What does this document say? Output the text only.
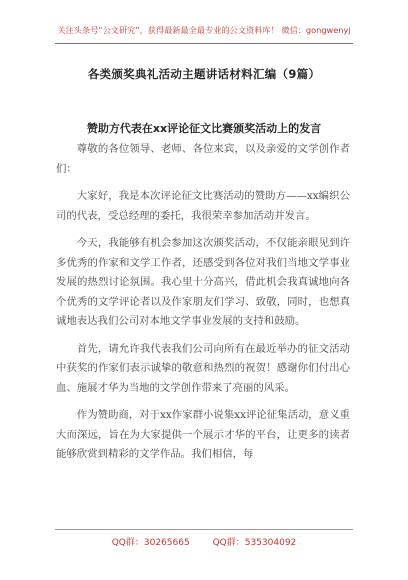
关注头条号“公文研究”，获得最新最全最专业的公文资料库！ 微信：gongwenyj
各类颁奖典礼活动主题讲话材料汇编（9篇）
赞助方代表在xx评论征文比赛颁奖活动上的发言

尊敬的各位领导、老师、各位来宾，以及亲爱的文学创作者们：

大家好，我是本次评论征文比赛活动的赞助方——xx编织公司的代表，受总经理的委托，我很荣幸参加活动并发言。

今天，我能够有机会参加这次颁奖活动，不仅能亲眼见到许多优秀的作家和文学工作者，还感受到各位对我们当地文学事业发展的热烈讨论氛围。我心里十分高兴，借此机会我真诚地向各个优秀的文学评论者以及作家朋友们学习、致敬，同时，也想真诚地表达我们公司对本地文学事业发展的支持和鼓励。

首先，请允许我代表我们公司向所有在最近举办的征文活动中获奖的作家们表示诚挚的敬意和热烈的祝贺！感谢你们付出心血、施展才华为当地的文学创作带来了亮丽的风采。

作为赞助商，对于xx作家群小说集xx评论征集活动，意义重大而深远，旨在为大家提供一个展示才华的平台，让更多的读者能够欣赏到精彩的文学作品。我们相信，每

QQ群：30265665	QQ群：535304092
